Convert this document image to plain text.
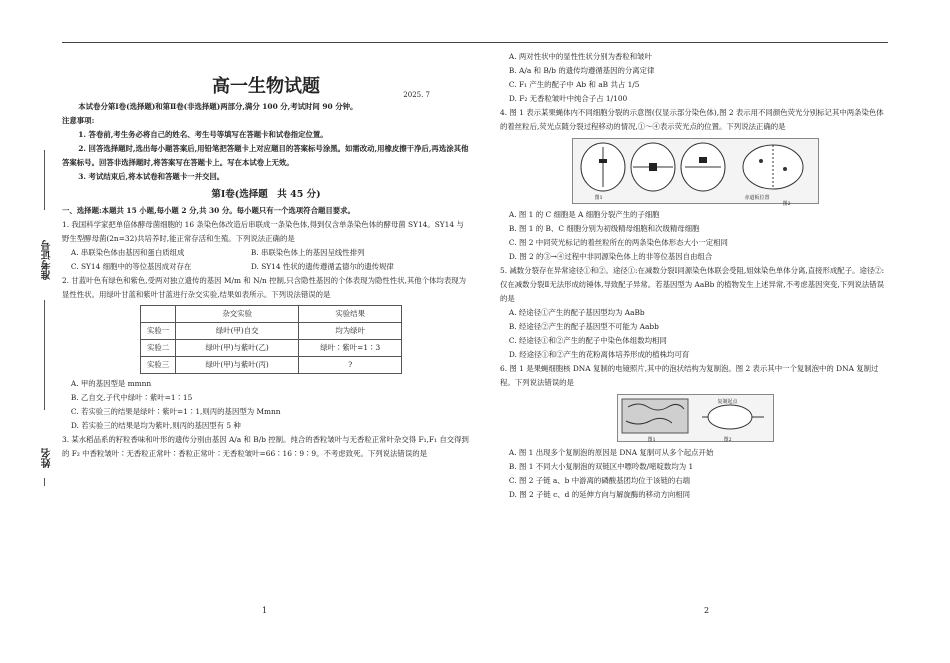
准考证号
姓名
高一生物试题	2025. 7
本试卷分第Ⅰ卷(选择题)和第Ⅱ卷(非选择题)两部分,满分 100 分,考试时间 90 分钟。
注意事项:
1. 答卷前,考生务必将自己的姓名、考生号等填写在答题卡和试卷指定位置。
2. 回答选择题时,选出每小题答案后,用铅笔把答题卡上对应题目的答案标号涂黑。如需改动,用橡皮擦干净后,再选涂其他答案标号。回答非选择题时,将答案写在答题卡上。写在本试卷上无效。
3. 考试结束后,将本试卷和答题卡一并交回。
第Ⅰ卷(选择题　共 45 分)
一、选择题:本题共 15 小题,每小题 2 分,共 30 分。每小题只有一个选项符合题目要求。
1. 我国科学家把单倍体酵母菌细胞的 16 条染色体改造后串联成一条染色体,得到仅含单条染色体的酵母菌 SY14。SY14 与野生型酵母菌(2n=32)共培养时,能正常存活和生殖。下列说法正确的是
A. 串联染色体由基因和蛋白质组成	B. 串联染色体上的基因呈线性排列
C. SY14 细胞中的等位基因成对存在	D. SY14 性状的遗传遵循孟德尔的遗传规律
2. 甘蓝叶色有绿色和紫色,受两对独立遗传的基因 M/m 和 N/n 控制,只含隐性基因的个体表现为隐性性状,其他个体均表现为显性性状。用绿叶甘蓝和紫叶甘蓝进行杂交实验,结果如表所示。下列说法错误的是
	杂交实验	实验结果
实验一	绿叶(甲)自交	均为绿叶
实验二	绿叶(甲)与紫叶(乙)	绿叶∶紫叶=1∶3
实验三	绿叶(甲)与紫叶(丙)	?
A. 甲的基因型是 mmnn
B. 乙自交,子代中绿叶∶紫叶=1∶15
C. 若实验三的结果是绿叶∶紫叶=1∶1,则丙的基因型为 Mmnn
D. 若实验三的结果是均为紫叶,则丙的基因型有 5 种
3. 某水稻品系的籽粒香味和叶形的遗传分别由基因 A/a 和 B/b 控制。纯合的香粒皱叶与无香粒正常叶杂交得 F₁,F₁ 自交得到的 F₂ 中香粒皱叶∶无香粒正常叶∶香粒正常叶∶无香粒皱叶=66∶16∶9∶9。不考虑致死。下列说法错误的是
A. 两对性状中的显性性状分别为香粒和皱叶
B. A/a 和 B/b 的遗传均遵循基因的分离定律
C. F₁ 产生的配子中 Ab 和 aB 共占 1/5
D. F₂ 无香粒皱叶中纯合子占 1/100
4. 图 1 表示某果蝇体内不同细胞分裂的示意图(仅显示部分染色体),图 2 表示用不同颜色荧光分别标记其中两条染色体的着丝粒后,荧光点随分裂过程移动的情况,①～④表示荧光点的位置。下列说法正确的是
图1	赤道板位置
图2
A. 图 1 的 C 细胞是 A 细胞分裂产生的子细胞
B. 图 1 的 B、C 细胞分别为初级精母细胞和次级精母细胞
C. 图 2 中同荧光标记的着丝粒所在的两条染色体形态大小一定相同
D. 图 2 的③→④过程中非同源染色体上的非等位基因自由组合
5. 减数分裂存在异常途径①和②。途径①:在减数分裂Ⅰ同源染色体联会受阻,姐妹染色单体分离,直接形成配子。途径②:仅在减数分裂Ⅱ无法形成纺锤体,导致配子异常。若基因型为 AaBb 的植物发生上述异常,不考虑基因突变,下列说法错误的是
A. 经途径①产生的配子基因型均为 AaBb
B. 经途径②产生的配子基因型不可能为 Aabb
C. 经途径①和②产生的配子中染色体组数均相同
D. 经途径①和②产生的花粉离体培养形成的植株均可育
6. 图 1 是果蝇细胞核 DNA 复制的电镜照片,其中的泡状结构为复制泡。图 2 表示其中一个复制泡中的 DNA 复制过程。下列说法错误的是
复制起点
图1	图2
A. 图 1 出现多个复制泡的原因是 DNA 复制可从多个起点开始
B. 图 1 不同大小复制泡的双链区中嘌呤数/嘧啶数均为 1
C. 图 2 子链 a、b 中游离的磷酸基团均位于该链的右端
D. 图 2 子链 c、d 的延伸方向与解旋酶的移动方向相同
1	2
